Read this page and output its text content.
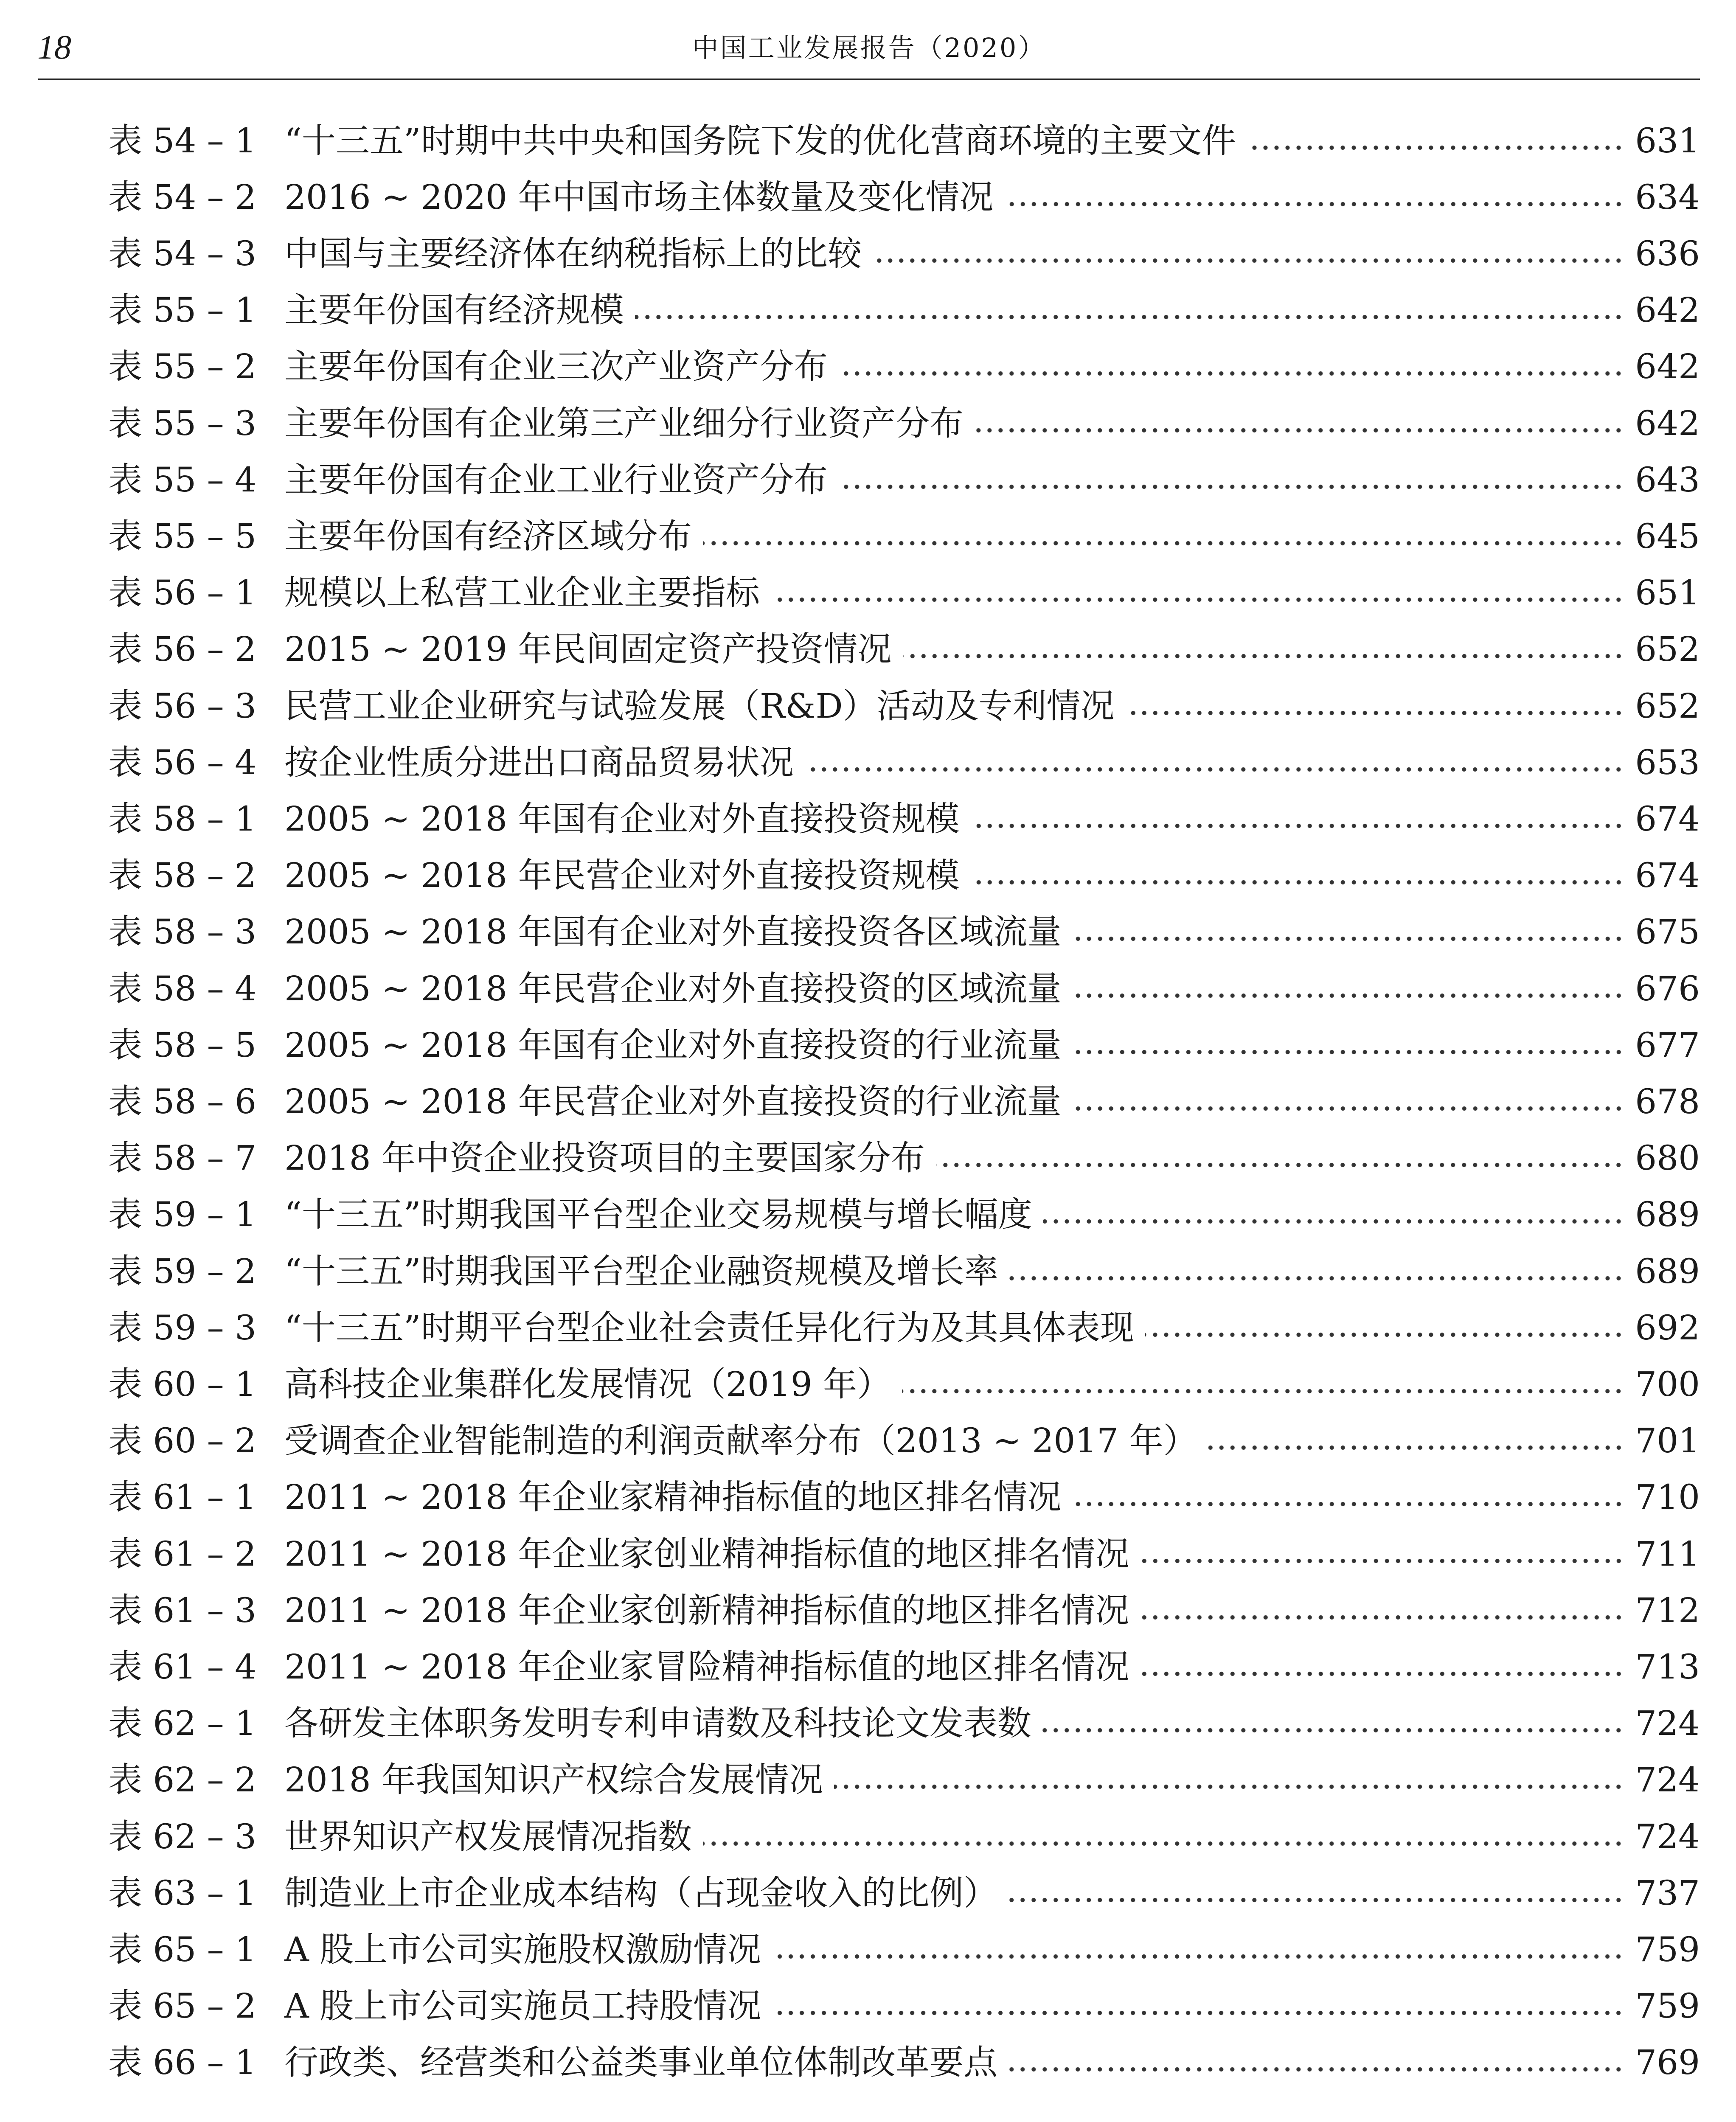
18	中国工业发展报告（2020）
表 54 – 1 “十三五”时期中共中央和国务院下发的优化营商环境的主要文件	631
表 54 – 2 2016 ~ 2020 年中国市场主体数量及变化情况	634
表 54 – 3 中国与主要经济体在纳税指标上的比较	636
表 55 – 1 主要年份国有经济规模	642
表 55 – 2 主要年份国有企业三次产业资产分布	642
表 55 – 3 主要年份国有企业第三产业细分行业资产分布	642
表 55 – 4 主要年份国有企业工业行业资产分布	643
表 55 – 5 主要年份国有经济区域分布	645
表 56 – 1 规模以上私营工业企业主要指标	651
表 56 – 2 2015 ~ 2019 年民间固定资产投资情况	652
表 56 – 3 民营工业企业研究与试验发展（R&D）活动及专利情况	652
表 56 – 4 按企业性质分进出口商品贸易状况	653
表 58 – 1 2005 ~ 2018 年国有企业对外直接投资规模	674
表 58 – 2 2005 ~ 2018 年民营企业对外直接投资规模	674
表 58 – 3 2005 ~ 2018 年国有企业对外直接投资各区域流量	675
表 58 – 4 2005 ~ 2018 年民营企业对外直接投资的区域流量	676
表 58 – 5 2005 ~ 2018 年国有企业对外直接投资的行业流量	677
表 58 – 6 2005 ~ 2018 年民营企业对外直接投资的行业流量	678
表 58 – 7 2018 年中资企业投资项目的主要国家分布	680
表 59 – 1 “十三五”时期我国平台型企业交易规模与增长幅度	689
表 59 – 2 “十三五”时期我国平台型企业融资规模及增长率	689
表 59 – 3 “十三五”时期平台型企业社会责任异化行为及其具体表现	692
表 60 – 1 高科技企业集群化发展情况（2019 年）	700
表 60 – 2 受调查企业智能制造的利润贡献率分布（2013 ~ 2017 年）	701
表 61 – 1 2011 ~ 2018 年企业家精神指标值的地区排名情况	710
表 61 – 2 2011 ~ 2018 年企业家创业精神指标值的地区排名情况	711
表 61 – 3 2011 ~ 2018 年企业家创新精神指标值的地区排名情况	712
表 61 – 4 2011 ~ 2018 年企业家冒险精神指标值的地区排名情况	713
表 62 – 1 各研发主体职务发明专利申请数及科技论文发表数	724
表 62 – 2 2018 年我国知识产权综合发展情况	724
表 62 – 3 世界知识产权发展情况指数	724
表 63 – 1 制造业上市企业成本结构（占现金收入的比例）	737
表 65 – 1 A 股上市公司实施股权激励情况	759
表 65 – 2 A 股上市公司实施员工持股情况	759
表 66 – 1 行政类、经营类和公益类事业单位体制改革要点	769
